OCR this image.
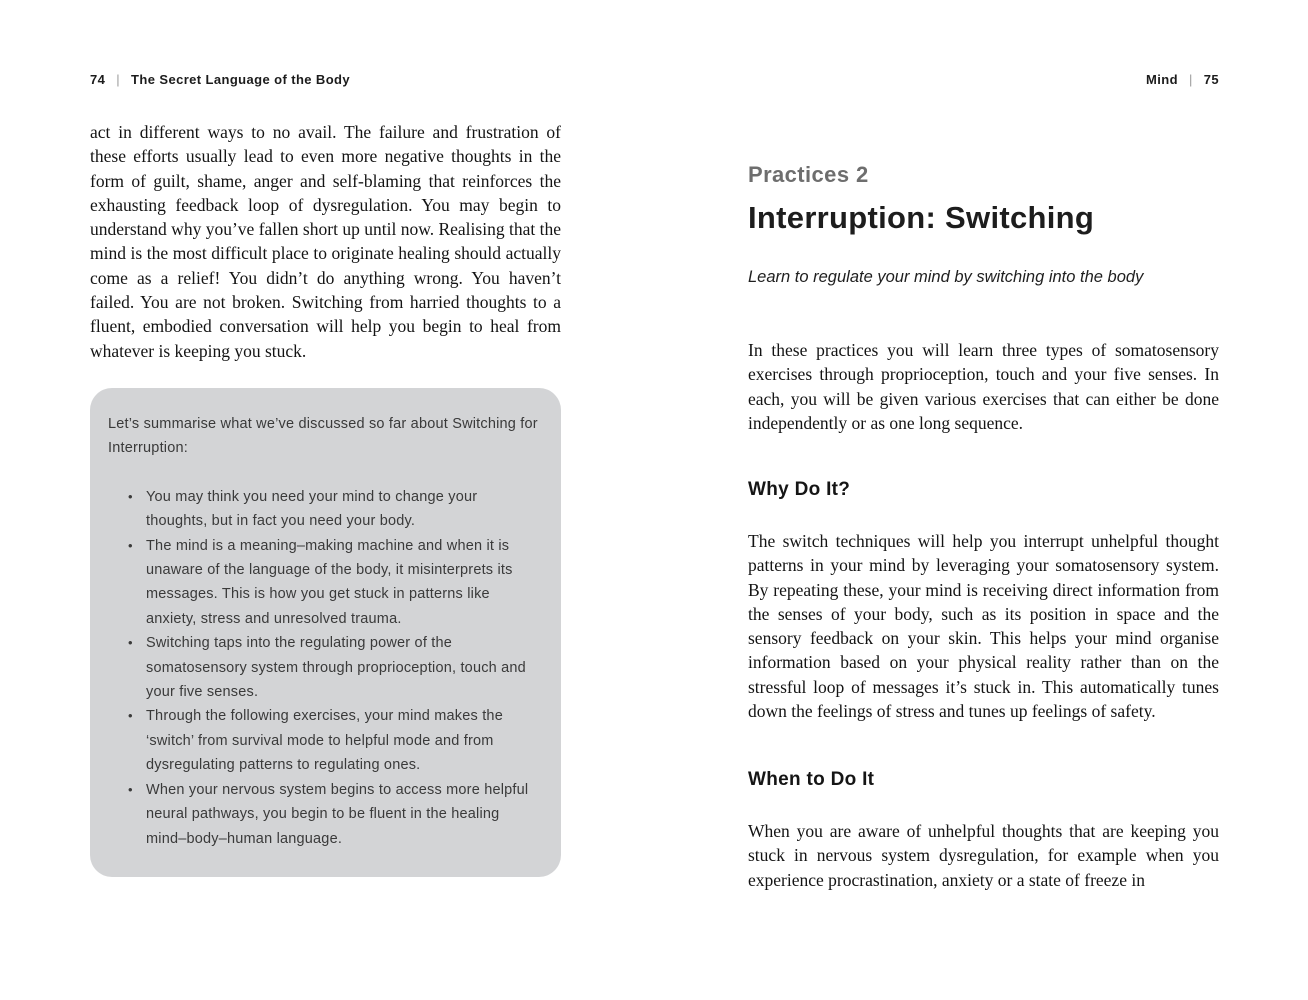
74 | The Secret Language of the Body

act in different ways to no avail. The failure and frustration of these efforts usually lead to even more negative thoughts in the form of guilt, shame, anger and self-blaming that reinforces the exhausting feedback loop of dysregulation. You may begin to understand why you’ve fallen short up until now. Realising that the mind is the most difficult place to originate healing should actually come as a relief! You didn’t do anything wrong. You haven’t failed. You are not broken. Switching from harried thoughts to a fluent, embodied conversation will help you begin to heal from whatever is keeping you stuck.

Let’s summarise what we’ve discussed so far about Switching for Interruption:

• You may think you need your mind to change your thoughts, but in fact you need your body.
• The mind is a meaning–making machine and when it is unaware of the language of the body, it misinterprets its messages. This is how you get stuck in patterns like anxiety, stress and unresolved trauma.
• Switching taps into the regulating power of the somatosensory system through proprioception, touch and your five senses.
• Through the following exercises, your mind makes the ‘switch’ from survival mode to helpful mode and from dysregulating patterns to regulating ones.
• When your nervous system begins to access more helpful neural pathways, you begin to be fluent in the healing mind–body–human language.
Mind | 75
Practices 2
Interruption: Switching

Learn to regulate your mind by switching into the body

In these practices you will learn three types of somatosensory exercises through proprioception, touch and your five senses. In each, you will be given various exercises that can either be done independently or as one long sequence.

Why Do It?

The switch techniques will help you interrupt unhelpful thought patterns in your mind by leveraging your somatosensory system. By repeating these, your mind is receiving direct information from the senses of your body, such as its position in space and the sensory feedback on your skin. This helps your mind organise information based on your physical reality rather than on the stressful loop of messages it’s stuck in. This automatically tunes down the feelings of stress and tunes up feelings of safety.

When to Do It

When you are aware of unhelpful thoughts that are keeping you stuck in nervous system dysregulation, for example when you experience procrastination, anxiety or a state of freeze in
